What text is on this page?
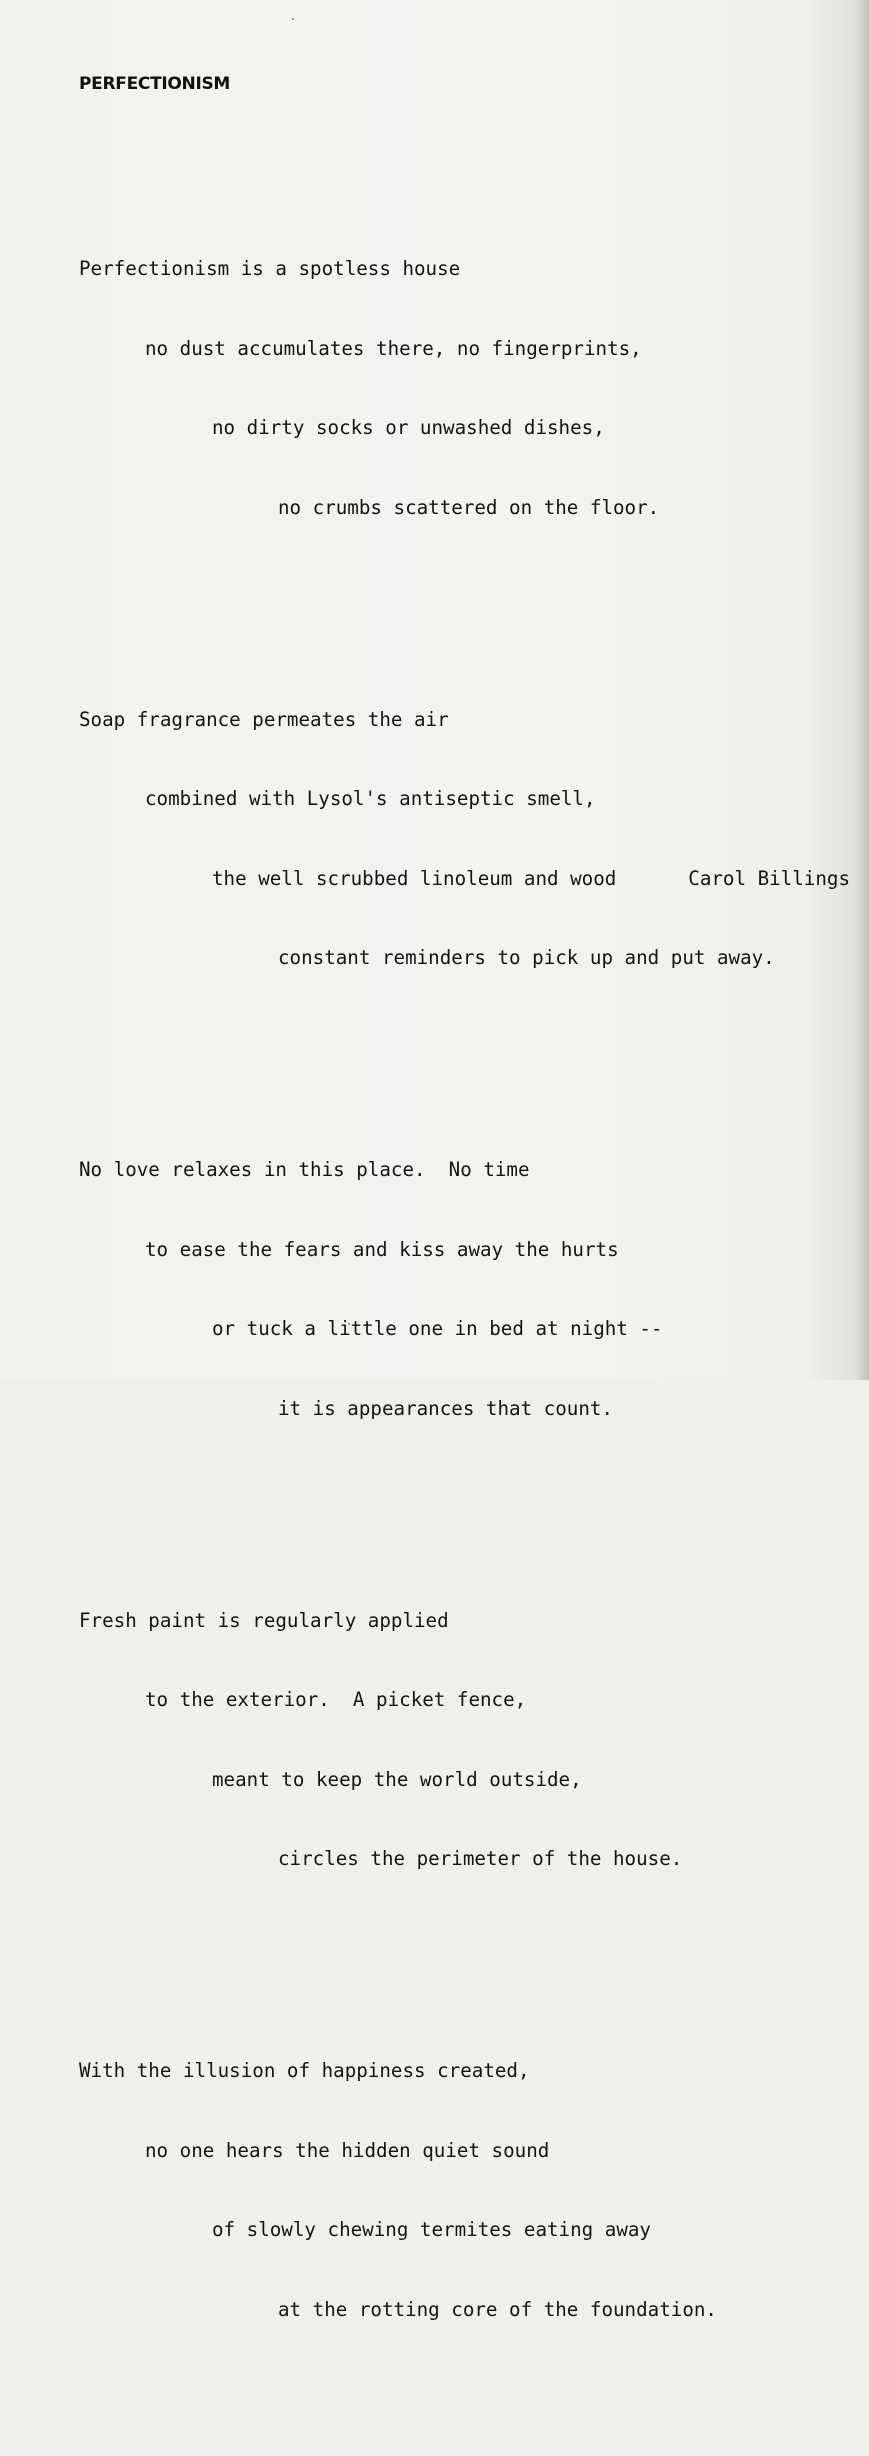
PERFECTIONISM

Perfectionism is a spotless house

no dust accumulates there, no fingerprints,

no dirty socks or unwashed dishes,

no crumbs scattered on the floor.

Soap fragrance permeates the air

combined with Lysol's antiseptic smell,

the well scrubbed linoleum and wood

constant reminders to pick up and put away.

No love relaxes in this place.  No time

to ease the fears and kiss away the hurts

or tuck a little one in bed at night --

it is appearances that count.

Fresh paint is regularly applied

to the exterior.  A picket fence,

meant to keep the world outside,

circles the perimeter of the house.

With the illusion of happiness created,

no one hears the hidden quiet sound

of slowly chewing termites eating away

at the rotting core of the foundation.

Carol Billings
